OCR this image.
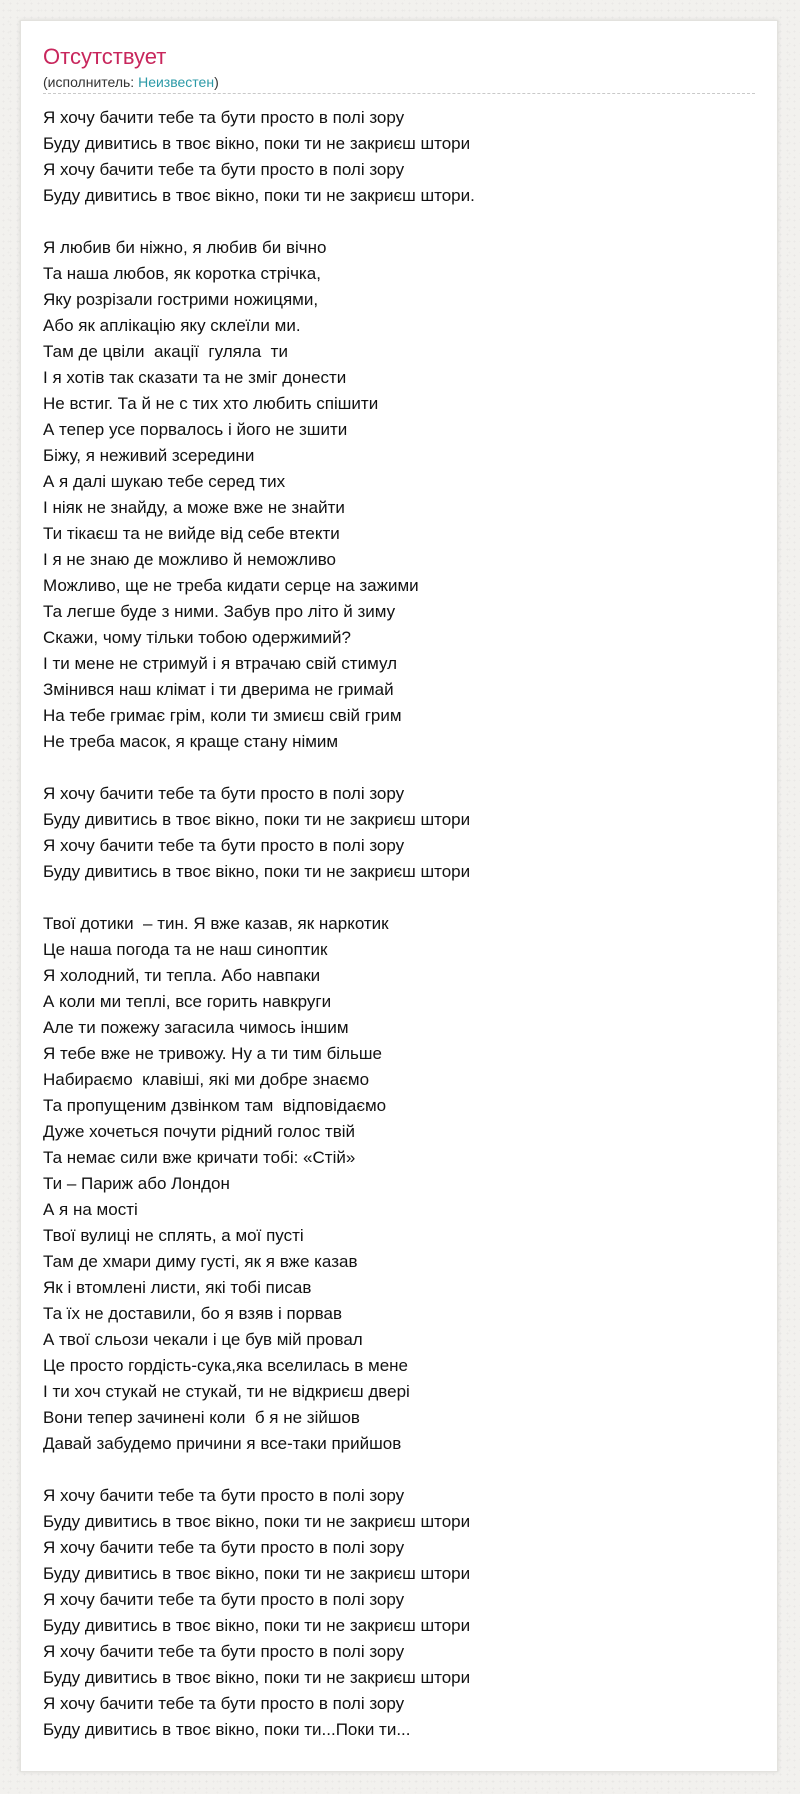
Отсутствует
(исполнитель: Неизвестен)
Я хочу бачити тебе та бути просто в полі зору
Буду дивитись в твоє вікно, поки ти не закриєш штори
Я хочу бачити тебе та бути просто в полі зору
Буду дивитись в твоє вікно, поки ти не закриєш штори.
Я любив би ніжно, я любив би вічно
Та наша любов, як коротка стрічка,
Яку розрізали гострими ножицями,
Або як аплікацію яку склеїли ми.
Там де цвіли  акації  гуляла  ти
І я хотів так сказати та не зміг донести
Не встиг. Та й не с тих хто любить спішити
А тепер усе порвалось і його не зшити
Біжу, я неживий зсередини
А я далі шукаю тебе серед тих
І ніяк не знайду, а може вже не знайти
Ти тікаєш та не вийде від себе втекти
І я не знаю де можливо й неможливо
Можливо, ще не треба кидати серце на зажими
Та легше буде з ними. Забув про літо й зиму
Скажи, чому тільки тобою одержимий?
І ти мене не стримуй і я втрачаю свій стимул
Змінився наш клімат і ти дверима не гримай
На тебе гримає грім, коли ти змиєш свій грим
Не треба масок, я краще стану німим
Я хочу бачити тебе та бути просто в полі зору
Буду дивитись в твоє вікно, поки ти не закриєш штори
Я хочу бачити тебе та бути просто в полі зору
Буду дивитись в твоє вікно, поки ти не закриєш штори
Твої дотики  – тин. Я вже казав, як наркотик
Це наша погода та не наш синоптик
Я холодний, ти тепла. Або навпаки
А коли ми теплі, все горить навкруги
Але ти пожежу загасила чимось іншим
Я тебе вже не тривожу. Ну а ти тим більше
Набираємо  клавіші, які ми добре знаємо
Та пропущеним дзвінком там  відповідаємо
Дуже хочеться почути рідний голос твій
Та немає сили вже кричати тобі: «Стій»
Ти – Париж або Лондон
А я на мості
Твої вулиці не сплять, а мої пусті
Там де хмари диму густі, як я вже казав
Як і втомлені листи, які тобі писав
Та їх не доставили, бо я взяв і порвав
А твої сльози чекали і це був мій провал
Це просто гордість-сука,яка вселилась в мене
І ти хоч стукай не стукай, ти не відкриєш двері
Вони тепер зачинені коли  б я не зійшов
Давай забудемо причини я все-таки прийшов
Я хочу бачити тебе та бути просто в полі зору
Буду дивитись в твоє вікно, поки ти не закриєш штори
Я хочу бачити тебе та бути просто в полі зору
Буду дивитись в твоє вікно, поки ти не закриєш штори
Я хочу бачити тебе та бути просто в полі зору
Буду дивитись в твоє вікно, поки ти не закриєш штори
Я хочу бачити тебе та бути просто в полі зору
Буду дивитись в твоє вікно, поки ти не закриєш штори
Я хочу бачити тебе та бути просто в полі зору
Буду дивитись в твоє вікно, поки ти...Поки ти...
